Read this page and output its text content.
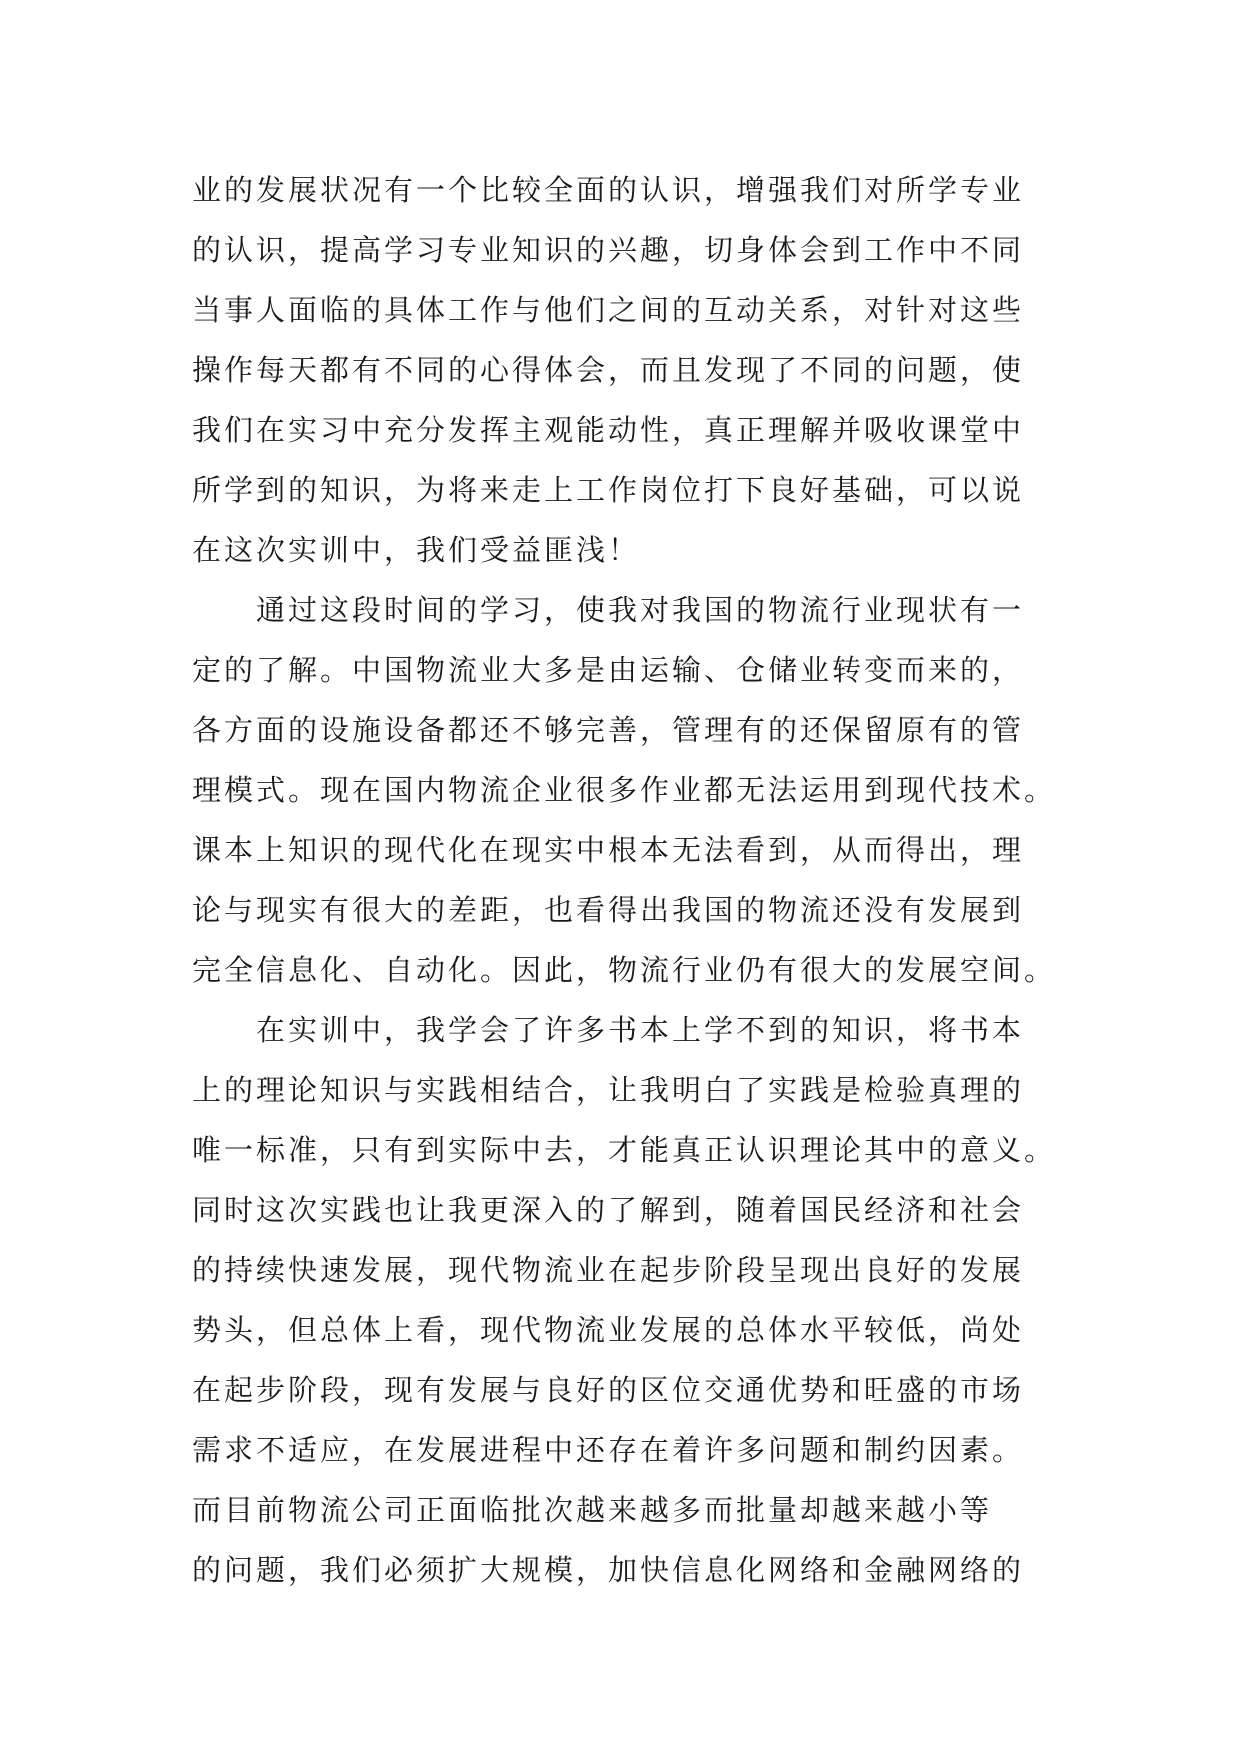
业的发展状况有一个比较全面的认识，增强我们对所学专业
的认识，提高学习专业知识的兴趣，切身体会到工作中不同
当事人面临的具体工作与他们之间的互动关系，对针对这些
操作每天都有不同的心得体会，而且发现了不同的问题，使
我们在实习中充分发挥主观能动性，真正理解并吸收课堂中
所学到的知识，为将来走上工作岗位打下良好基础，可以说
在这次实训中，我们受益匪浅！
通过这段时间的学习，使我对我国的物流行业现状有一
定的了解。中国物流业大多是由运输、仓储业转变而来的，
各方面的设施设备都还不够完善，管理有的还保留原有的管
理模式。现在国内物流企业很多作业都无法运用到现代技术。
课本上知识的现代化在现实中根本无法看到，从而得出，理
论与现实有很大的差距，也看得出我国的物流还没有发展到
完全信息化、自动化。因此，物流行业仍有很大的发展空间。
在实训中，我学会了许多书本上学不到的知识，将书本
上的理论知识与实践相结合，让我明白了实践是检验真理的
唯一标准，只有到实际中去，才能真正认识理论其中的意义。
同时这次实践也让我更深入的了解到，随着国民经济和社会
的持续快速发展，现代物流业在起步阶段呈现出良好的发展
势头，但总体上看，现代物流业发展的总体水平较低，尚处
在起步阶段，现有发展与良好的区位交通优势和旺盛的市场
需求不适应，在发展进程中还存在着许多问题和制约因素。
而目前物流公司正面临批次越来越多而批量却越来越小等
的问题，我们必须扩大规模，加快信息化网络和金融网络的
